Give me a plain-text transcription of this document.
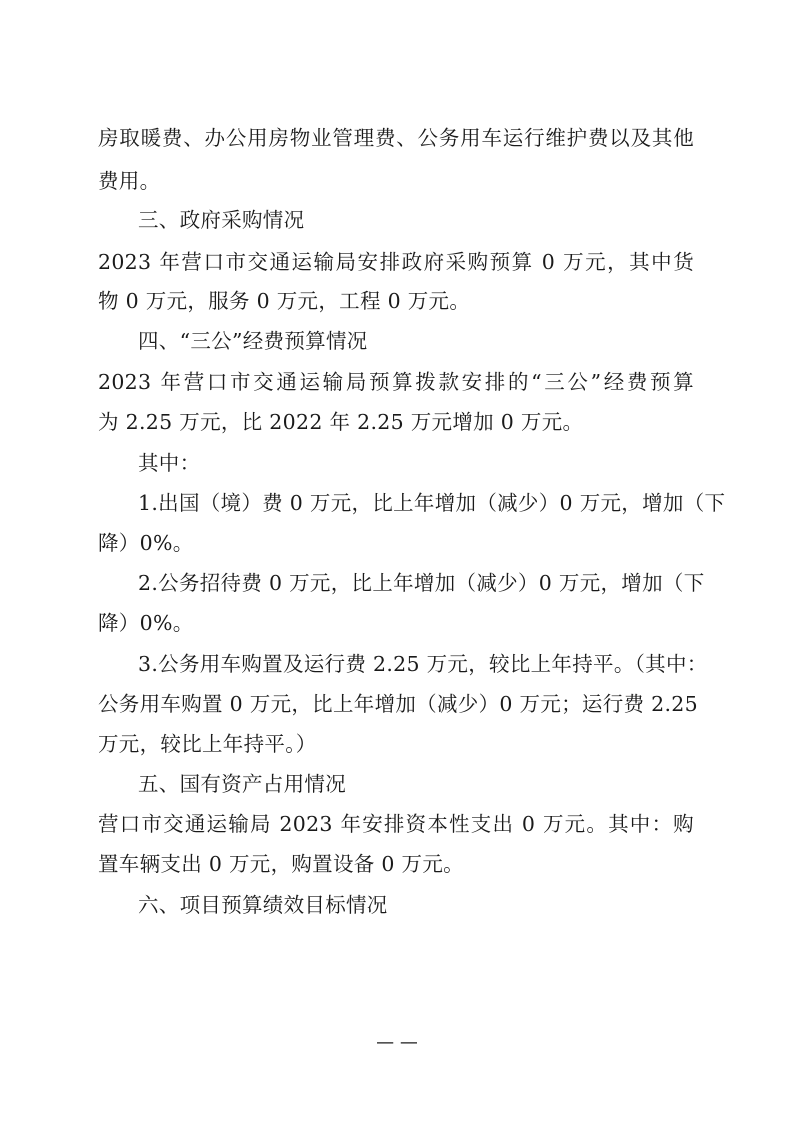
房取暖费、办公用房物业管理费、公务用车运行维护费以及其他
费用。
三、政府采购情况
2023 年营口市交通运输局安排政府采购预算 0 万元，其中货
物 0 万元，服务 0 万元，工程 0 万元。
四、“三公”经费预算情况
2023 年营口市交通运输局预算拨款安排的“三公”经费预算
为 2.25 万元，比 2022 年 2.25 万元增加 0 万元。
其中：
1.出国（境）费 0 万元，比上年增加（减少）0 万元，增加（下
降）0%。
2.公务招待费 0 万元，比上年增加（减少）0 万元，增加（下
降）0%。
3.公务用车购置及运行费 2.25 万元，较比上年持平。（其中：
公务用车购置 0 万元，比上年增加（减少）0 万元；运行费 2.25
万元，较比上年持平。）
五、国有资产占用情况
营口市交通运输局 2023 年安排资本性支出 0 万元。其中：购
置车辆支出 0 万元，购置设备 0 万元。
六、项目预算绩效目标情况
— —
